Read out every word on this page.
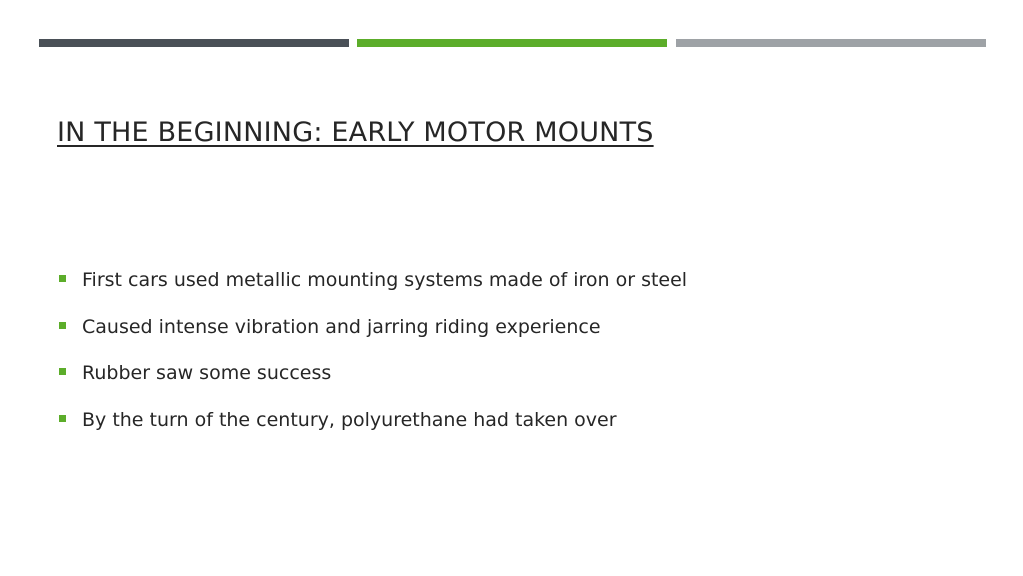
IN THE BEGINNING: EARLY MOTOR MOUNTS
First cars used metallic mounting systems made of iron or steel
Caused intense vibration and jarring riding experience
Rubber saw some success
By the turn of the century, polyurethane had taken over
